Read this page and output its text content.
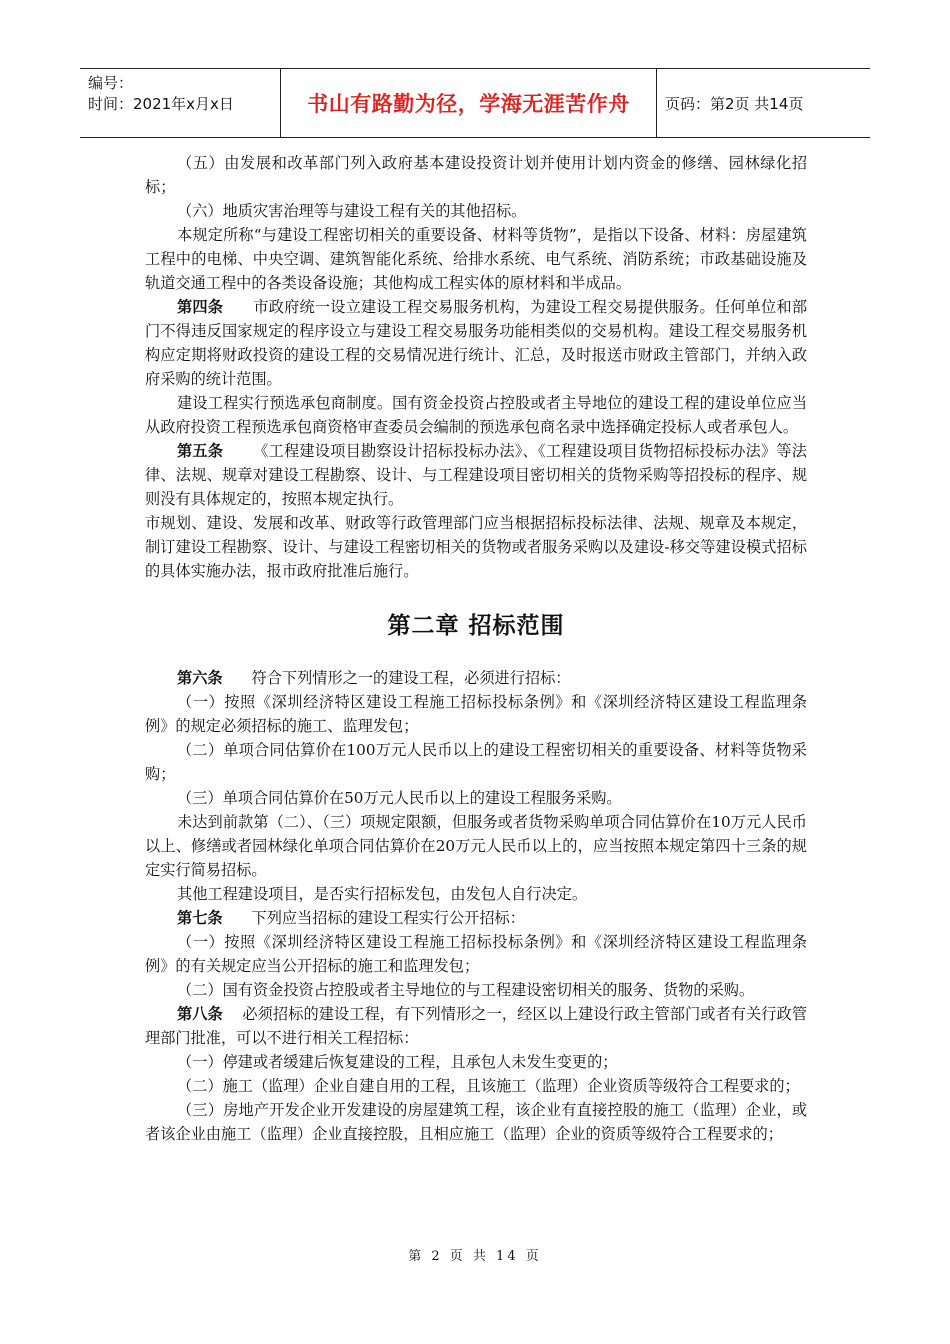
编号：
时间：2021年x月x日	书山有路勤为径，学海无涯苦作舟	页码：第2页 共14页

（五）由发展和改革部门列入政府基本建设投资计划并使用计划内资金的修缮、园林绿化招标；

（六）地质灾害治理等与建设工程有关的其他招标。

本规定所称“与建设工程密切相关的重要设备、材料等货物”，是指以下设备、材料：房屋建筑工程中的电梯、中央空调、建筑智能化系统、给排水系统、电气系统、消防系统；市政基础设施及轨道交通工程中的各类设备设施；其他构成工程实体的原材料和半成品。

第四条      市政府统一设立建设工程交易服务机构，为建设工程交易提供服务。任何单位和部门不得违反国家规定的程序设立与建设工程交易服务功能相类似的交易机构。建设工程交易服务机构应定期将财政投资的建设工程的交易情况进行统计、汇总，及时报送市财政主管部门，并纳入政府采购的统计范围。

建设工程实行预选承包商制度。国有资金投资占控股或者主导地位的建设工程的建设单位应当从政府投资工程预选承包商资格审查委员会编制的预选承包商名录中选择确定投标人或者承包人。

第五条      《工程建设项目勘察设计招标投标办法》、《工程建设项目货物招标投标办法》等法律、法规、规章对建设工程勘察、设计、与工程建设项目密切相关的货物采购等招投标的程序、规则没有具体规定的，按照本规定执行。

市规划、建设、发展和改革、财政等行政管理部门应当根据招标投标法律、法规、规章及本规定，制订建设工程勘察、设计、与建设工程密切相关的货物或者服务采购以及建设-移交等建设模式招标的具体实施办法，报市政府批准后施行。

第二章 招标范围

第六条      符合下列情形之一的建设工程，必须进行招标：

（一）按照《深圳经济特区建设工程施工招标投标条例》和《深圳经济特区建设工程监理条例》的规定必须招标的施工、监理发包；

（二）单项合同估算价在100万元人民币以上的建设工程密切相关的重要设备、材料等货物采购；

（三）单项合同估算价在50万元人民币以上的建设工程服务采购。

未达到前款第（二）、（三）项规定限额，但服务或者货物采购单项合同估算价在10万元人民币以上、修缮或者园林绿化单项合同估算价在20万元人民币以上的，应当按照本规定第四十三条的规定实行简易招标。

其他工程建设项目，是否实行招标发包，由发包人自行决定。

第七条      下列应当招标的建设工程实行公开招标：

（一）按照《深圳经济特区建设工程施工招标投标条例》和《深圳经济特区建设工程监理条例》的有关规定应当公开招标的施工和监理发包；

（二）国有资金投资占控股或者主导地位的与工程建设密切相关的服务、货物的采购。

第八条    必须招标的建设工程，有下列情形之一，经区以上建设行政主管部门或者有关行政管理部门批准，可以不进行相关工程招标：

（一）停建或者缓建后恢复建设的工程，且承包人未发生变更的；

（二）施工（监理）企业自建自用的工程，且该施工（监理）企业资质等级符合工程要求的；

（三）房地产开发企业开发建设的房屋建筑工程，该企业有直接控股的施工（监理）企业，或者该企业由施工（监理）企业直接控股，且相应施工（监理）企业的资质等级符合工程要求的；

第 2 页 共 14 页
